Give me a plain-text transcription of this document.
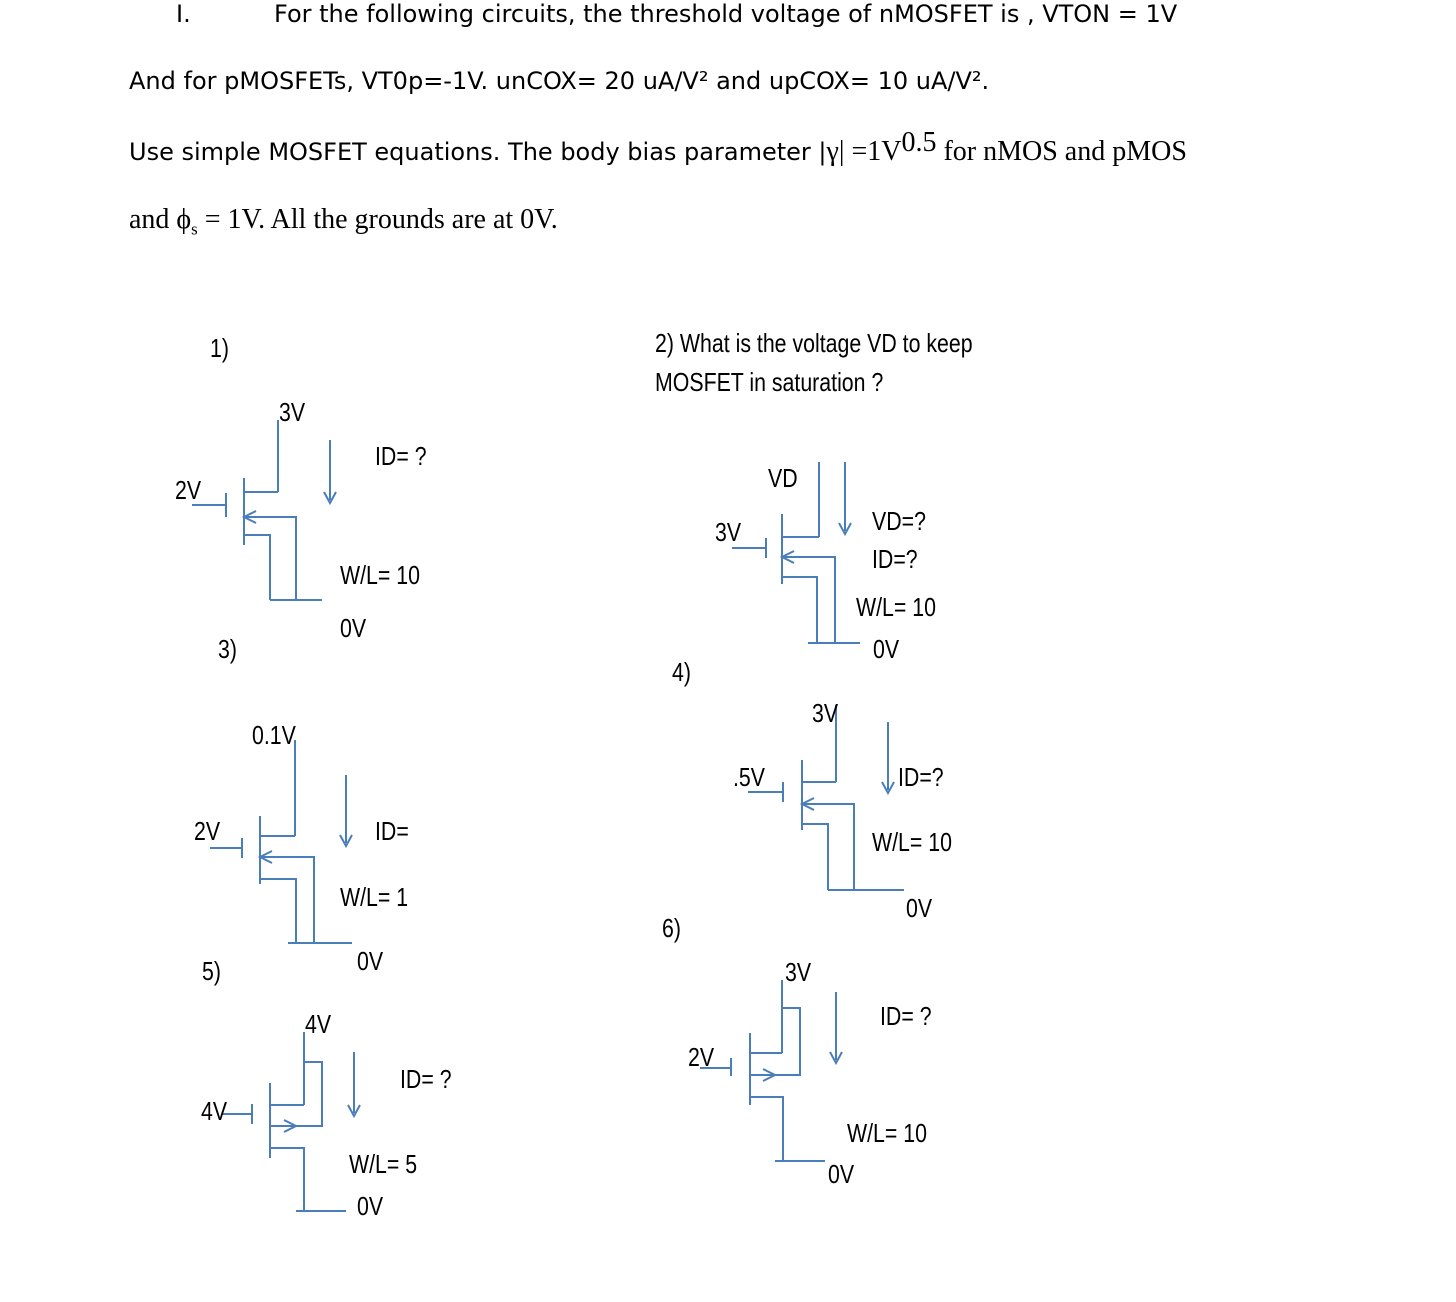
I.	For the following circuits, the threshold voltage of nMOSFET is , VTON = 1V
And for pMOSFETs, VT0p=-1V. unCOX= 20 uA/V² and upCOX= 10 uA/V².
Use simple MOSFET equations. The body bias parameter $|\gamma| =1V^{0.5}$ for nMOS and pMOS
and $\phi_s = 1V$. All the grounds are at 0V.
1)
3V
ID= ?
2V
W/L= 10
0V
2) What is the voltage VD to keep
MOSFET in saturation ?
VD
VD=?
3V
ID=?
W/L= 10
0V
3)
0.1V
2V	ID=
W/L= 1
0V
4)
3V
.5V	ID=?
W/L= 10
0V
5)
4V
ID= ?
4V
W/L= 5
0V
6)
3V
ID= ?
2V
W/L= 10
0V
